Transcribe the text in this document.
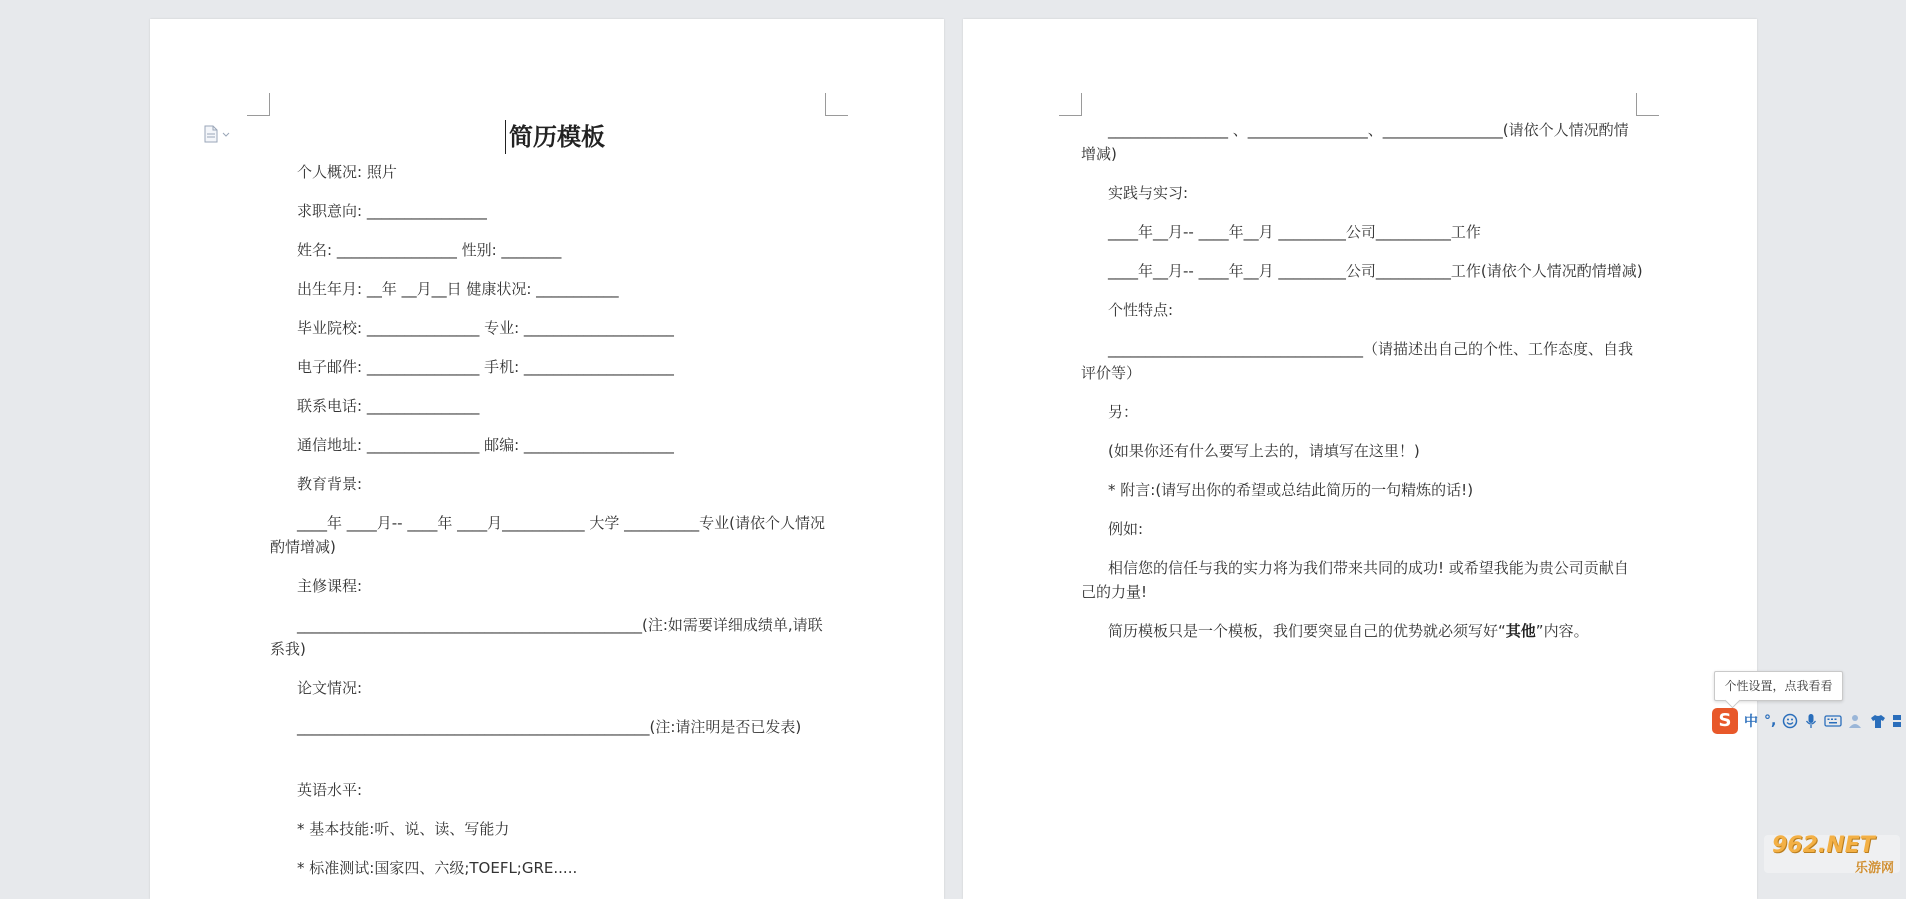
简历模板
个人概况: 照片
求职意向: ________________
姓名: ________________ 性别: ________
出生年月: __年 __月__日 健康状况: ___________
毕业院校: _______________ 专业: ____________________
电子邮件: _______________ 手机: ____________________
联系电话: _______________
通信地址: _______________ 邮编: ____________________
教育背景:
____年 ____月-- ____年 ____月___________ 大学 __________专业(请依个人情况酌情增减)
主修课程:
______________________________________________(注:如需要详细成绩单,请联系我)
论文情况:
_______________________________________________(注:请注明是否已发表)
英语水平:
* 基本技能:听、说、读、写能力
* 标准测试:国家四、六级;TOEFL;GRE.....
________________ 、________________、________________(请依个人情况酌情增减)
实践与实习:
____年__月-- ____年__月 _________公司__________工作
____年__月-- ____年__月 _________公司__________工作(请依个人情况酌情增减)
个性特点:
__________________________________（请描述出自己的个性、工作态度、自我评价等）
另：
(如果你还有什么要写上去的，请填写在这里！)
* 附言:(请写出你的希望或总结此简历的一句精炼的话!)
例如:
相信您的信任与我的实力将为我们带来共同的成功! 或希望我能为贵公司贡献自己的力量!
简历模板只是一个模板，我们要突显自己的优势就必须写好“其他”内容。
个性设置，点我看看
S 中 °,
962.NET
乐游网
